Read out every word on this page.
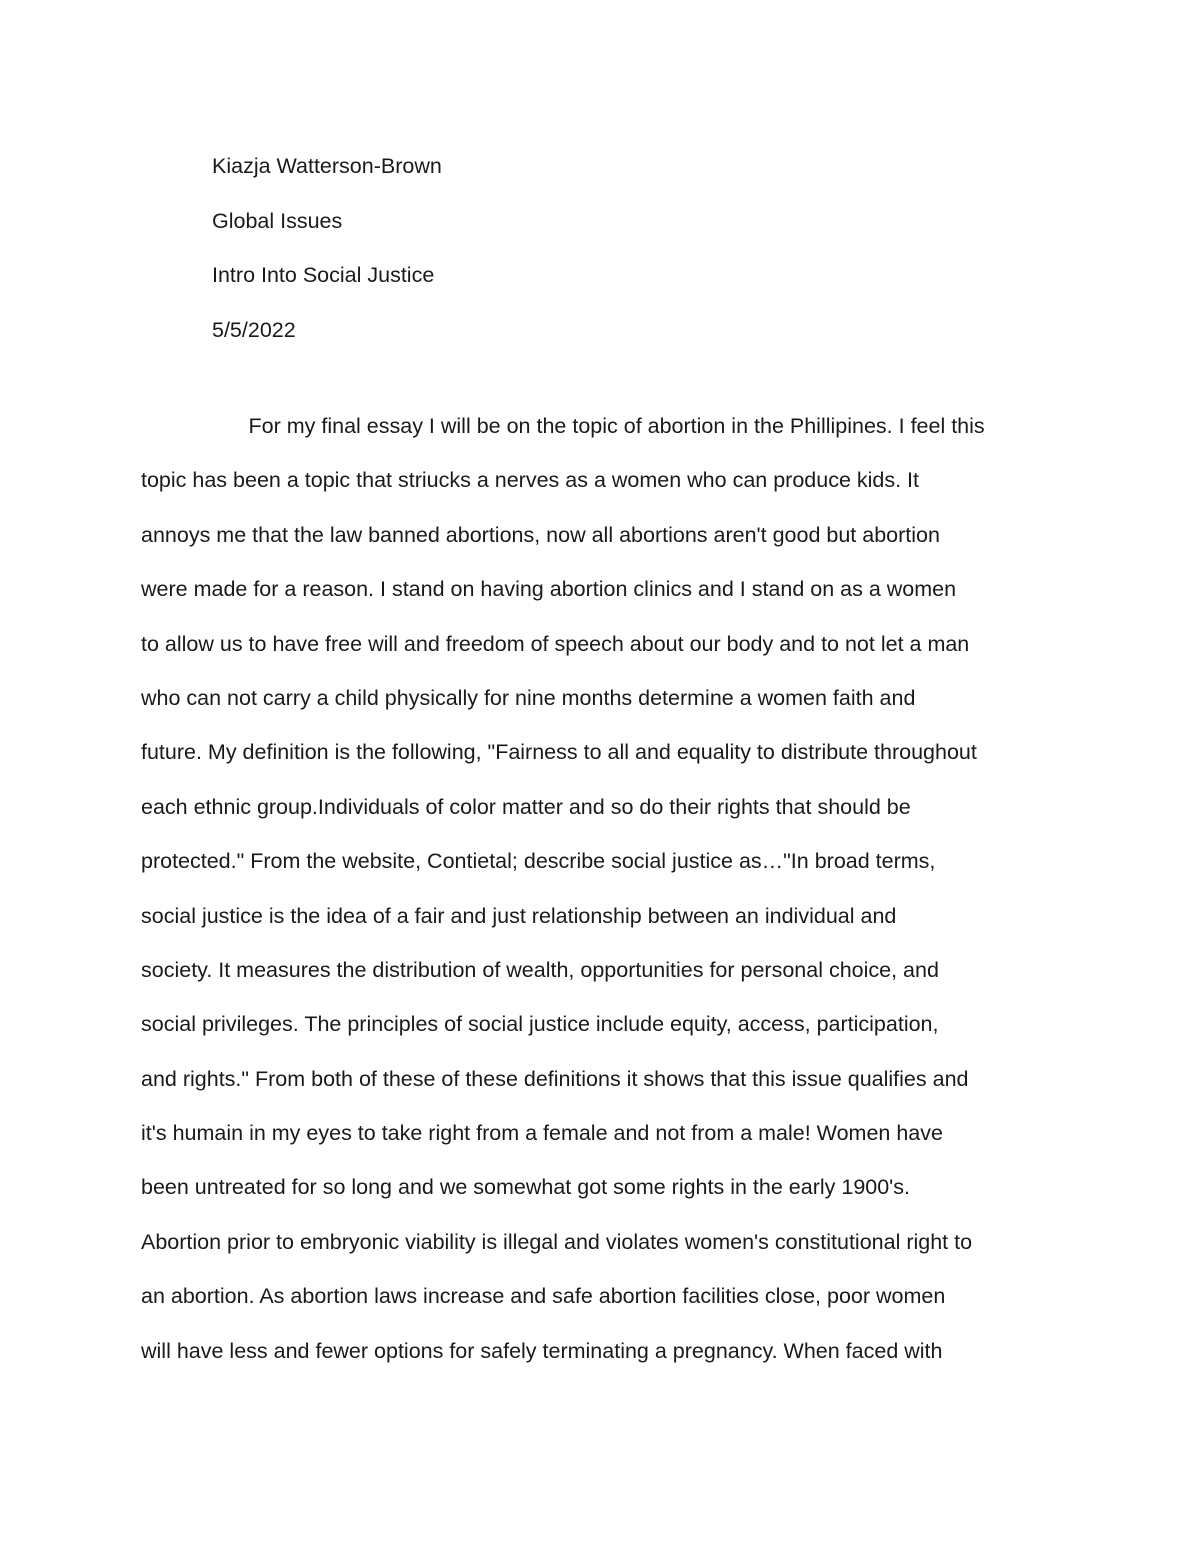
Kiazja Watterson-Brown
Global Issues
Intro Into Social Justice
5/5/2022
For my final essay I will be on the topic of abortion in the Phillipines. I feel this
topic has been a topic that striucks a nerves as a women who can produce kids. It
annoys me that the law banned abortions, now all abortions aren't good but abortion
were made for a reason. I stand on having abortion clinics and I stand on as a women
to allow us to have free will and freedom of speech about our body and to not let a man
who can not carry a child physically for nine months determine a women faith and
future. My definition is the following, "Fairness to all and equality to distribute throughout
each ethnic group.Individuals of color matter and so do their rights that should be
protected." From the website, Contietal; describe social justice as…"In broad terms,
social justice is the idea of a fair and just relationship between an individual and
society. It measures the distribution of wealth, opportunities for personal choice, and
social privileges. The principles of social justice include equity, access, participation,
and rights." From both of these of these definitions it shows that this issue qualifies and
it's humain in my eyes to take right from a female and not from a male! Women have
been untreated for so long and we somewhat got some rights in the early 1900's.
Abortion prior to embryonic viability is illegal and violates women's constitutional right to
an abortion. As abortion laws increase and safe abortion facilities close, poor women
will have less and fewer options for safely terminating a pregnancy. When faced with
